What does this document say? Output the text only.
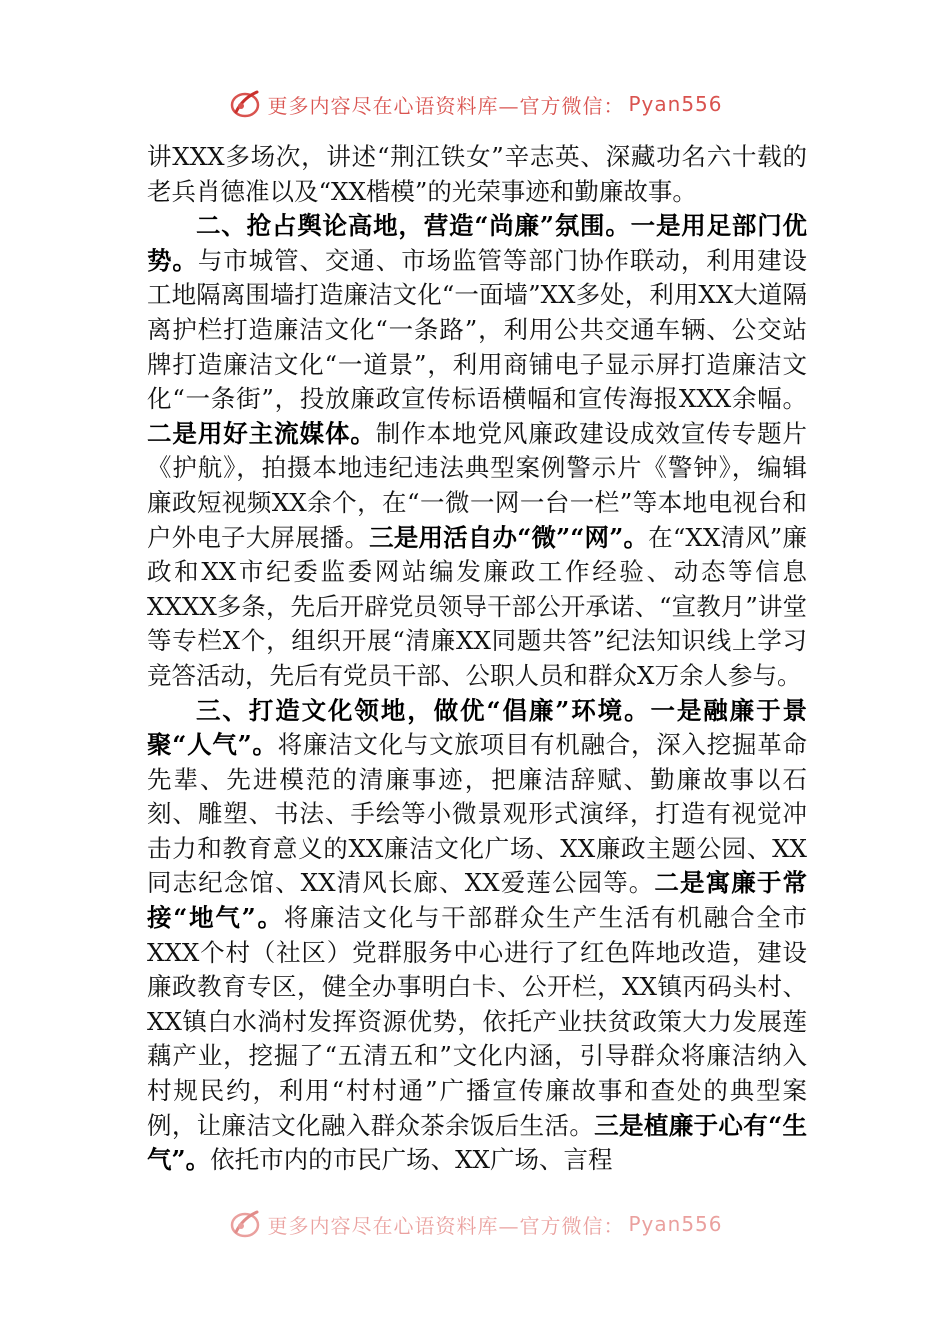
更多内容尽在心语资料库—官方微信： Pyan556

讲XXX多场次，讲述“荆江铁女”辛志英、深藏功名六十载的老兵肖德准以及“XX楷模”的光荣事迹和勤廉故事。

二、抢占舆论高地，营造“尚廉”氛围。一是用足部门优势。与市城管、交通、市场监管等部门协作联动，利用建设工地隔离围墙打造廉洁文化“一面墙”XX多处，利用XX大道隔离护栏打造廉洁文化“一条路”，利用公共交通车辆、公交站牌打造廉洁文化“一道景”，利用商铺电子显示屏打造廉洁文化“一条街”，投放廉政宣传标语横幅和宣传海报XXX余幅。二是用好主流媒体。制作本地党风廉政建设成效宣传专题片《护航》，拍摄本地违纪违法典型案例警示片《警钟》，编辑廉政短视频XX余个，在“一微一网一台一栏”等本地电视台和户外电子大屏展播。三是用活自办“微”“网”。在“XX清风”廉政和XX市纪委监委网站编发廉政工作经验、动态等信息XXXX多条，先后开辟党员领导干部公开承诺、“宣教月”讲堂等专栏X个，组织开展“清廉XX同题共答”纪法知识线上学习竞答活动，先后有党员干部、公职人员和群众X万余人参与。

三、打造文化领地，做优“倡廉”环境。一是融廉于景聚“人气”。将廉洁文化与文旅项目有机融合，深入挖掘革命先辈、先进模范的清廉事迹，把廉洁辞赋、勤廉故事以石刻、雕塑、书法、手绘等小微景观形式演绎，打造有视觉冲击力和教育意义的XX廉洁文化广场、XX廉政主题公园、XX同志纪念馆、XX清风长廊、XX爱莲公园等。二是寓廉于常接“地气”。将廉洁文化与干部群众生产生活有机融合全市XXX个村（社区）党群服务中心进行了红色阵地改造，建设廉政教育专区，健全办事明白卡、公开栏，XX镇丙码头村、XX镇白水淌村发挥资源优势，依托产业扶贫政策大力发展莲藕产业，挖掘了“五清五和”文化内涵，引导群众将廉洁纳入村规民约，利用“村村通”广播宣传廉故事和查处的典型案例，让廉洁文化融入群众茶余饭后生活。三是植廉于心有“生气”。依托市内的市民广场、XX广场、言程

更多内容尽在心语资料库—官方微信： Pyan556
